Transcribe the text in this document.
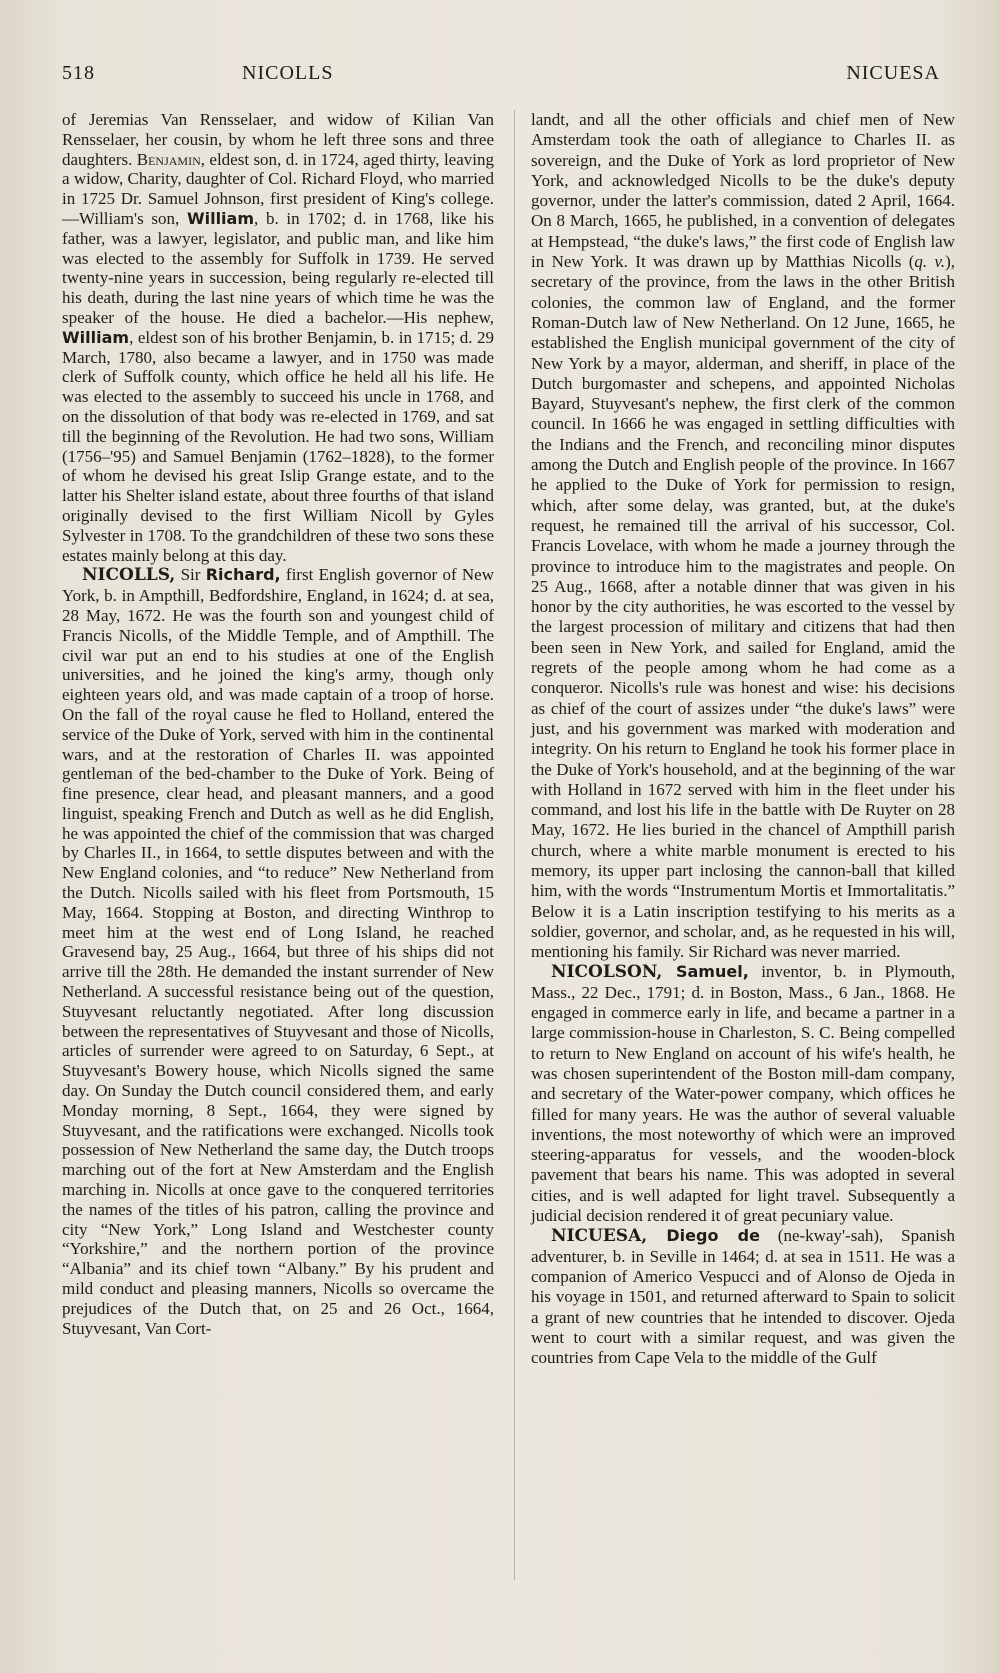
518	NICOLLS	NICUESA

of Jeremias Van Rensselaer, and widow of Kilian Van Rensselaer, her cousin, by whom he left three sons and three daughters. Benjamin, eldest son, d. in 1724, aged thirty, leaving a widow, Charity, daughter of Col. Richard Floyd, who married in 1725 Dr. Samuel Johnson, first president of King's college.—William's son, William, b. in 1702; d. in 1768, like his father, was a lawyer, legislator, and public man, and like him was elected to the assembly for Suffolk in 1739. He served twenty-nine years in succession, being regularly re-elected till his death, during the last nine years of which time he was the speaker of the house. He died a bachelor.—His nephew, William, eldest son of his brother Benjamin, b. in 1715; d. 29 March, 1780, also became a lawyer, and in 1750 was made clerk of Suffolk county, which office he held all his life. He was elected to the assembly to succeed his uncle in 1768, and on the dissolution of that body was re-elected in 1769, and sat till the beginning of the Revolution. He had two sons, William (1756–'95) and Samuel Benjamin (1762–1828), to the former of whom he devised his great Islip Grange estate, and to the latter his Shelter island estate, about three fourths of that island originally devised to the first William Nicoll by Gyles Sylvester in 1708. To the grandchildren of these two sons these estates mainly belong at this day.

NICOLLS, Sir Richard, first English governor of New York, b. in Ampthill, Bedfordshire, England, in 1624; d. at sea, 28 May, 1672. He was the fourth son and youngest child of Francis Nicolls, of the Middle Temple, and of Ampthill. The civil war put an end to his studies at one of the English universities, and he joined the king's army, though only eighteen years old, and was made captain of a troop of horse. On the fall of the royal cause he fled to Holland, entered the service of the Duke of York, served with him in the continental wars, and at the restoration of Charles II. was appointed gentleman of the bed-chamber to the Duke of York. Being of fine presence, clear head, and pleasant manners, and a good linguist, speaking French and Dutch as well as he did English, he was appointed the chief of the commission that was charged by Charles II., in 1664, to settle disputes between and with the New England colonies, and “to reduce” New Netherland from the Dutch. Nicolls sailed with his fleet from Portsmouth, 15 May, 1664. Stopping at Boston, and directing Winthrop to meet him at the west end of Long Island, he reached Gravesend bay, 25 Aug., 1664, but three of his ships did not arrive till the 28th. He demanded the instant surrender of New Netherland. A successful resistance being out of the question, Stuyvesant reluctantly negotiated. After long discussion between the representatives of Stuyvesant and those of Nicolls, articles of surrender were agreed to on Saturday, 6 Sept., at Stuyvesant's Bowery house, which Nicolls signed the same day. On Sunday the Dutch council considered them, and early Monday morning, 8 Sept., 1664, they were signed by Stuyvesant, and the ratifications were exchanged. Nicolls took possession of New Netherland the same day, the Dutch troops marching out of the fort at New Amsterdam and the English marching in. Nicolls at once gave to the conquered territories the names of the titles of his patron, calling the province and city “New York,” Long Island and Westchester county “Yorkshire,” and the northern portion of the province “Albania” and its chief town “Albany.” By his prudent and mild conduct and pleasing manners, Nicolls so overcame the prejudices of the Dutch that, on 25 and 26 Oct., 1664, Stuyvesant, Van Cort-

landt, and all the other officials and chief men of New Amsterdam took the oath of allegiance to Charles II. as sovereign, and the Duke of York as lord proprietor of New York, and acknowledged Nicolls to be the duke's deputy governor, under the latter's commission, dated 2 April, 1664. On 8 March, 1665, he published, in a convention of delegates at Hempstead, “the duke's laws,” the first code of English law in New York. It was drawn up by Matthias Nicolls (q. v.), secretary of the province, from the laws in the other British colonies, the common law of England, and the former Roman-Dutch law of New Netherland. On 12 June, 1665, he established the English municipal government of the city of New York by a mayor, alderman, and sheriff, in place of the Dutch burgomaster and schepens, and appointed Nicholas Bayard, Stuyvesant's nephew, the first clerk of the common council. In 1666 he was engaged in settling difficulties with the Indians and the French, and reconciling minor disputes among the Dutch and English people of the province. In 1667 he applied to the Duke of York for permission to resign, which, after some delay, was granted, but, at the duke's request, he remained till the arrival of his successor, Col. Francis Lovelace, with whom he made a journey through the province to introduce him to the magistrates and people. On 25 Aug., 1668, after a notable dinner that was given in his honor by the city authorities, he was escorted to the vessel by the largest procession of military and citizens that had then been seen in New York, and sailed for England, amid the regrets of the people among whom he had come as a conqueror. Nicolls's rule was honest and wise: his decisions as chief of the court of assizes under “the duke's laws” were just, and his government was marked with moderation and integrity. On his return to England he took his former place in the Duke of York's household, and at the beginning of the war with Holland in 1672 served with him in the fleet under his command, and lost his life in the battle with De Ruyter on 28 May, 1672. He lies buried in the chancel of Ampthill parish church, where a white marble monument is erected to his memory, its upper part inclosing the cannon-ball that killed him, with the words “Instrumentum Mortis et Immortalitatis.” Below it is a Latin inscription testifying to his merits as a soldier, governor, and scholar, and, as he requested in his will, mentioning his family. Sir Richard was never married.

NICOLSON, Samuel, inventor, b. in Plymouth, Mass., 22 Dec., 1791; d. in Boston, Mass., 6 Jan., 1868. He engaged in commerce early in life, and became a partner in a large commission-house in Charleston, S. C. Being compelled to return to New England on account of his wife's health, he was chosen superintendent of the Boston mill-dam company, and secretary of the Water-power company, which offices he filled for many years. He was the author of several valuable inventions, the most noteworthy of which were an improved steering-apparatus for vessels, and the wooden-block pavement that bears his name. This was adopted in several cities, and is well adapted for light travel. Subsequently a judicial decision rendered it of great pecuniary value.

NICUESA, Diego de (ne-kway'-sah), Spanish adventurer, b. in Seville in 1464; d. at sea in 1511. He was a companion of Americo Vespucci and of Alonso de Ojeda in his voyage in 1501, and returned afterward to Spain to solicit a grant of new countries that he intended to discover. Ojeda went to court with a similar request, and was given the countries from Cape Vela to the middle of the Gulf
